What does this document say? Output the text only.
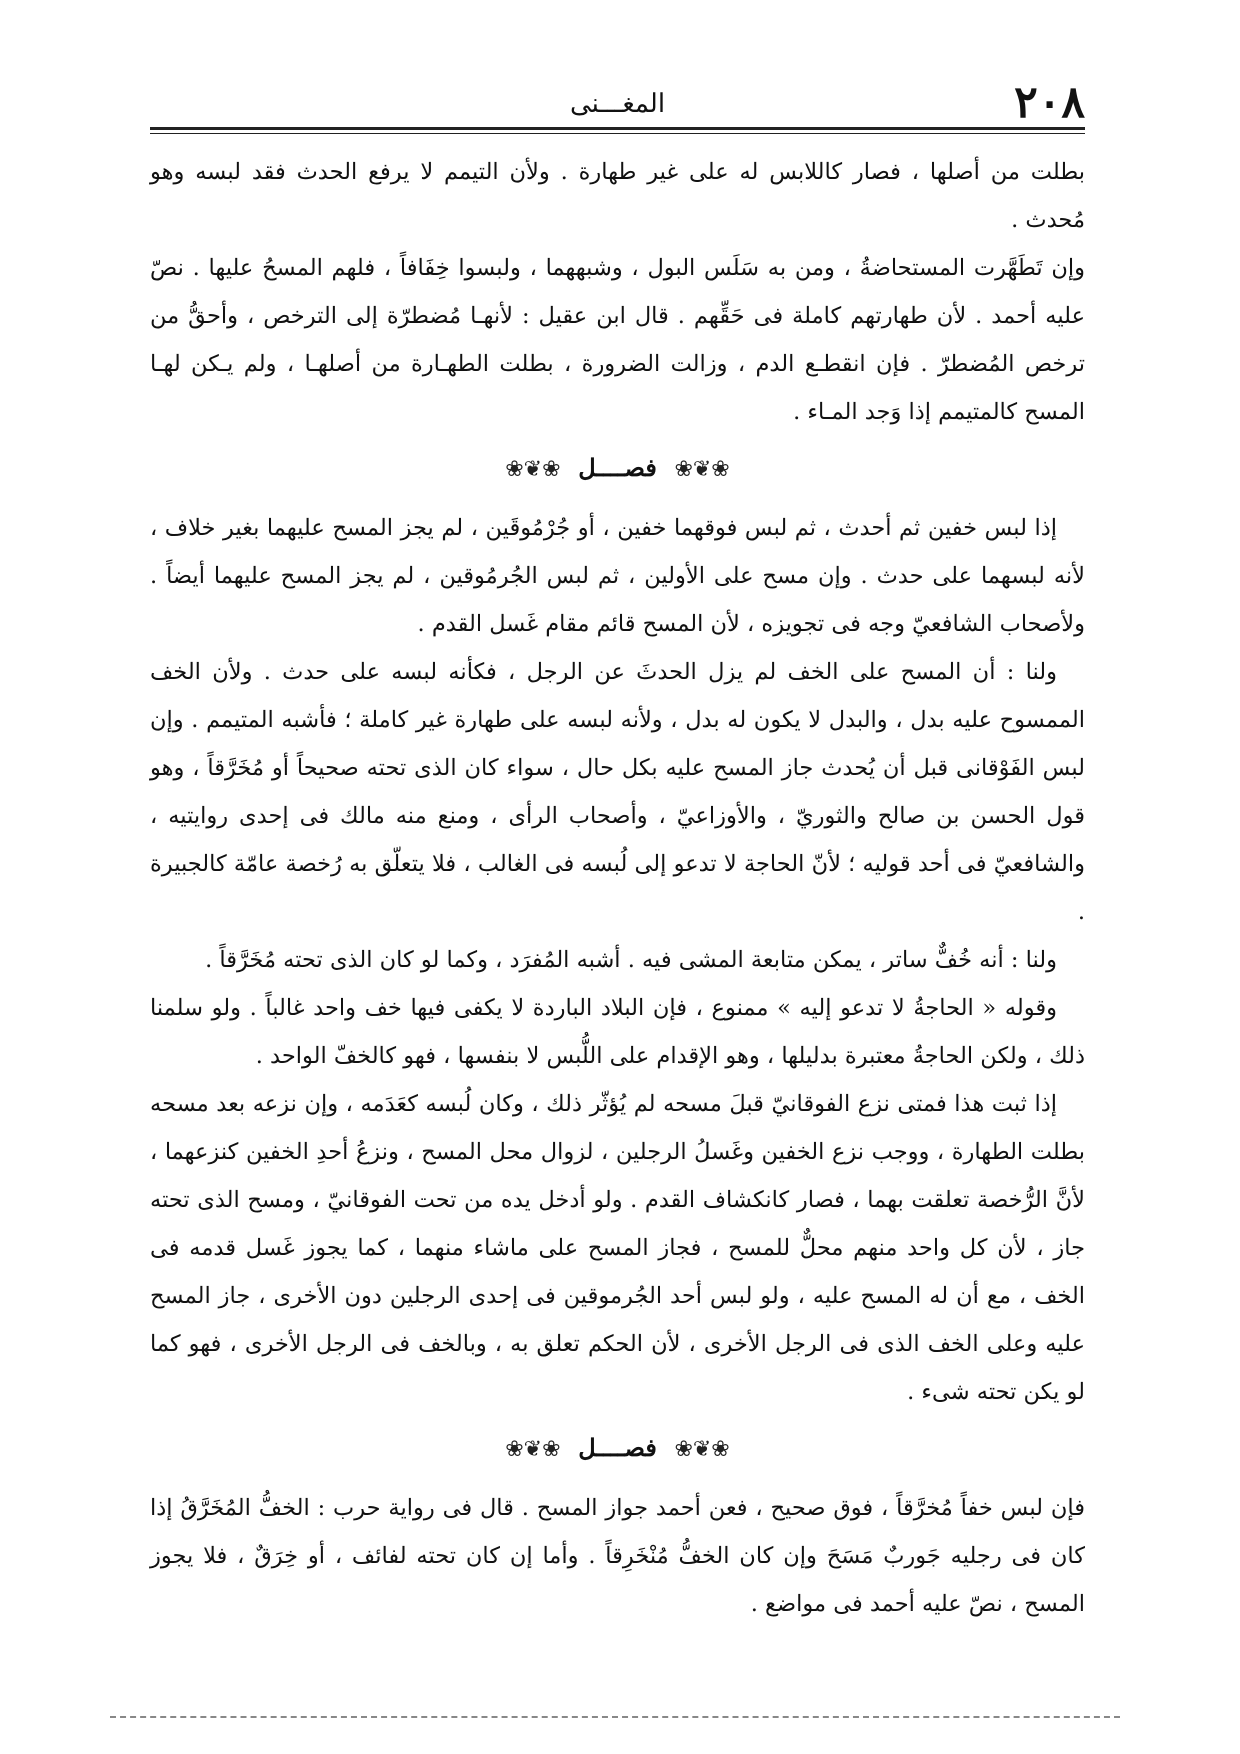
٢٠٨
المغـــنى

بطلت من أصلها ، فصار كاللابس له على غير طهارة . ولأن التيمم لا يرفع الحدث فقد لبسه وهو مُحدث .

وإن تَطَهَّرت المستحاضةُ ، ومن به سَلَس البول ، وشبههما ، ولبسوا خِفَافاً ، فلهم المسحُ عليها . نصّ عليه أحمد . لأن طهارتهم كاملة فى حَقِّهم . قال ابن عقيل : لأنهـا مُضطرّة إلى الترخص ، وأحقُّ من ترخص المُضطرّ . فإن انقطـع الدم ، وزالت الضرورة ، بطلت الطهـارة من أصلهـا ، ولم يـكن لهـا المسح كالمتيمم إذا وَجد المـاء .

❀❦❀ فصــــل ❀❦❀

إذا لبس خفين ثم أحدث ، ثم لبس فوقهما خفين ، أو جُرْمُوقَين ، لم يجز المسح عليهما بغير خلاف ، لأنه لبسهما على حدث . وإن مسح على الأولين ، ثم لبس الجُرمُوقين ، لم يجز المسح عليهما أيضاً . ولأصحاب الشافعيّ وجه فى تجويزه ، لأن المسح قائم مقام غَسل القدم .

ولنا : أن المسح على الخف لم يزل الحدثَ عن الرجل ، فكأنه لبسه على حدث . ولأن الخف الممسوح عليه بدل ، والبدل لا يكون له بدل ، ولأنه لبسه على طهارة غير كاملة ؛ فأشبه المتيمم . وإن لبس الفَوْقانى قبل أن يُحدث جاز المسح عليه بكل حال ، سواء كان الذى تحته صحيحاً أو مُخَرَّقاً ، وهو قول الحسن بن صالح والثوريّ ، والأوزاعيّ ، وأصحاب الرأى ، ومنع منه مالك فى إحدى روايتيه ، والشافعيّ فى أحد قوليه ؛ لأنّ الحاجة لا تدعو إلى لُبسه فى الغالب ، فلا يتعلّق به رُخصة عامّة كالجبيرة .

ولنا : أنه خُفٌّ ساتر ، يمكن متابعة المشى فيه . أشبه المُفرَد ، وكما لو كان الذى تحته مُخَرَّقاً .

وقوله « الحاجةُ لا تدعو إليه » ممنوع ، فإن البلاد الباردة لا يكفى فيها خف واحد غالباً . ولو سلمنا ذلك ، ولكن الحاجةُ معتبرة بدليلها ، وهو الإقدام على اللُّبس لا بنفسها ، فهو كالخفّ الواحد .

إذا ثبت هذا فمتى نزع الفوقانيّ قبلَ مسحه لم يُؤثّر ذلك ، وكان لُبسه كعَدَمه ، وإن نزعه بعد مسحه بطلت الطهارة ، ووجب نزع الخفين وغَسلُ الرجلين ، لزوال محل المسح ، ونزعُ أحدِ الخفين كنزعهما ، لأنَّ الرُّخصة تعلقت بهما ، فصار كانكشاف القدم . ولو أدخل يده من تحت الفوقانيّ ، ومسح الذى تحته جاز ، لأن كل واحد منهم محلٌّ للمسح ، فجاز المسح على ماشاء منهما ، كما يجوز غَسل قدمه فى الخف ، مع أن له المسح عليه ، ولو لبس أحد الجُرموقين فى إحدى الرجلين دون الأخرى ، جاز المسح عليه وعلى الخف الذى فى الرجل الأخرى ، لأن الحكم تعلق به ، وبالخف فى الرجل الأخرى ، فهو كما لو يكن تحته شىء .

❀❦❀ فصــــل ❀❦❀

فإن لبس خفاً مُخرَّقاً ، فوق صحيح ، فعن أحمد جواز المسح . قال فى رواية حرب : الخفُّ المُخَرَّقُ إذا كان فى رجليه جَوربٌ مَسَحَ وإن كان الخفُّ مُنْخَرِقاً . وأما إن كان تحته لفائف ، أو خِرَقٌ ، فلا يجوز المسح ، نصّ عليه أحمد فى مواضع .
